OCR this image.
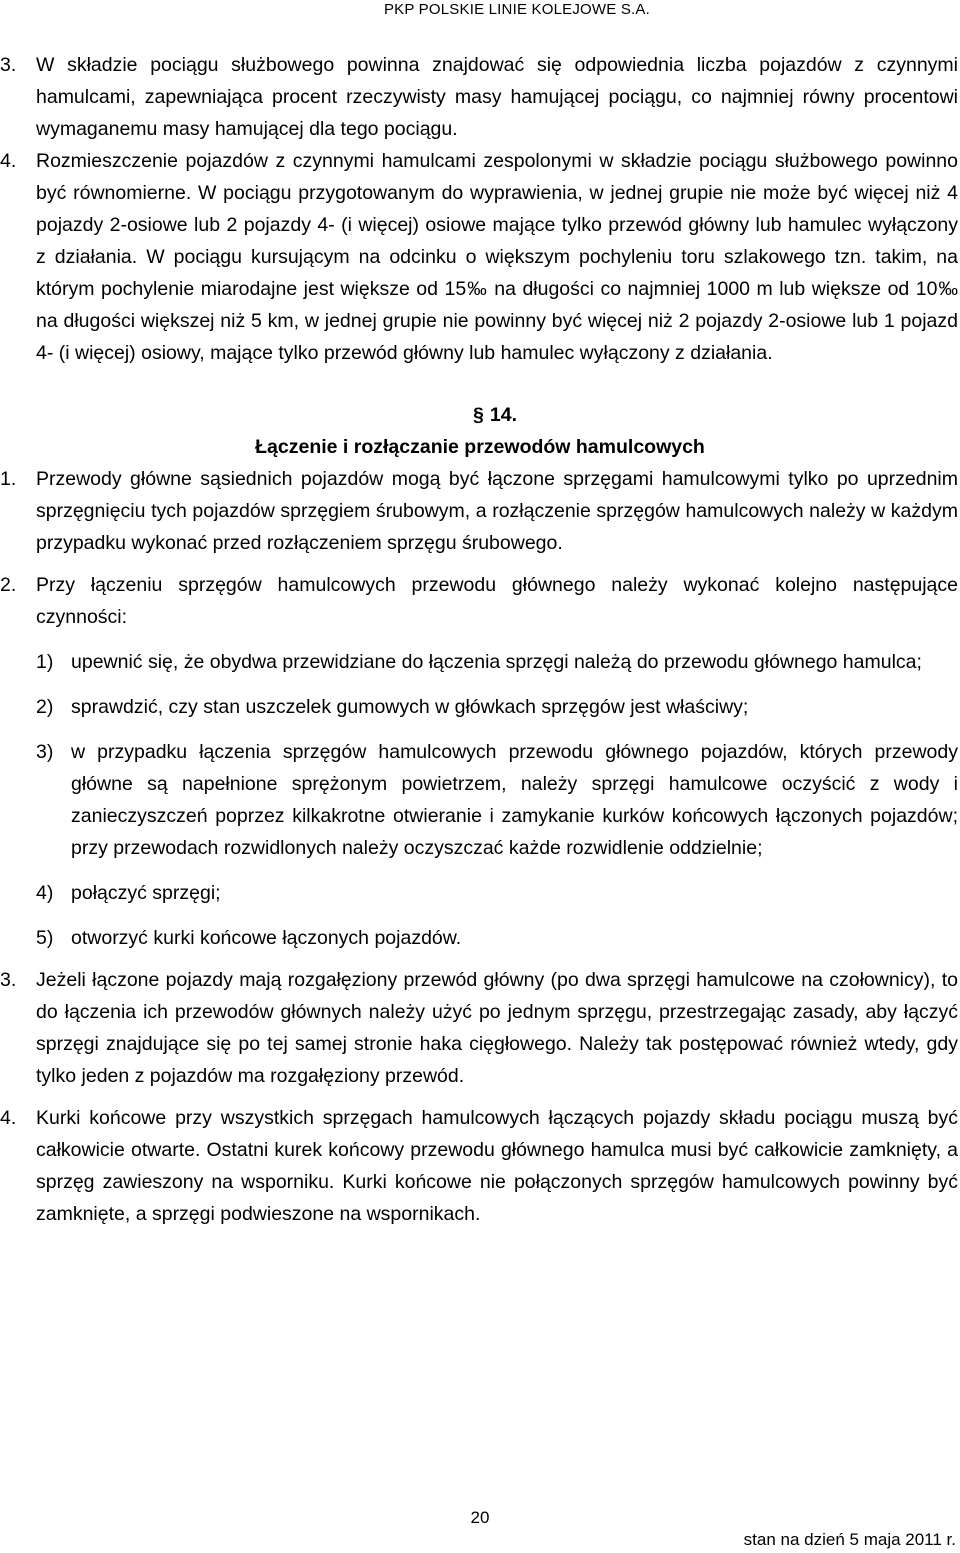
PKP POLSKIE LINIE KOLEJOWE S.A.
3. W składzie pociągu służbowego powinna znajdować się odpowiednia liczba pojazdów z czynnymi hamulcami, zapewniająca procent rzeczywisty masy hamującej pociągu, co najmniej równy procentowi wymaganemu masy hamującej dla tego pociągu.

4. Rozmieszczenie pojazdów z czynnymi hamulcami zespolonymi w składzie pociągu służbowego powinno być równomierne. W pociągu przygotowanym do wyprawienia, w jednej grupie nie może być więcej niż 4 pojazdy 2-osiowe lub 2 pojazdy 4- (i więcej) osiowe mające tylko przewód główny lub hamulec wyłączony z działania. W pociągu kursującym na odcinku o większym pochyleniu toru szlakowego tzn. takim, na którym pochylenie miarodajne jest większe od 15‰ na długości co najmniej 1000 m lub większe od 10‰ na długości większej niż 5 km, w jednej grupie nie powinny być więcej niż 2 pojazdy 2-osiowe lub 1 pojazd 4- (i więcej) osiowy, mające tylko przewód główny lub hamulec wyłączony z działania.

§ 14.
Łączenie i rozłączanie przewodów hamulcowych
1. Przewody główne sąsiednich pojazdów mogą być łączone sprzęgami hamulcowymi tylko po uprzednim sprzęgnięciu tych pojazdów sprzęgiem śrubowym, a rozłączenie sprzęgów hamulcowych należy w każdym przypadku wykonać przed rozłączeniem sprzęgu śrubowego.

2. Przy łączeniu sprzęgów hamulcowych przewodu głównego należy wykonać kolejno następujące czynności:

1) upewnić się, że obydwa przewidziane do łączenia sprzęgi należą do przewodu głównego hamulca;
2) sprawdzić, czy stan uszczelek gumowych w główkach sprzęgów jest właściwy;
3) w przypadku łączenia sprzęgów hamulcowych przewodu głównego pojazdów, których przewody główne są napełnione sprężonym powietrzem, należy sprzęgi hamulcowe oczyścić z wody i zanieczyszczeń poprzez kilkakrotne otwieranie i zamykanie kurków końcowych łączonych pojazdów; przy przewodach rozwidlonych należy oczyszczać każde rozwidlenie oddzielnie;
4) połączyć sprzęgi;
5) otworzyć kurki końcowe łączonych pojazdów.
3. Jeżeli łączone pojazdy mają rozgałęziony przewód główny (po dwa sprzęgi hamulcowe na czołownicy), to do łączenia ich przewodów głównych należy użyć po jednym sprzęgu, przestrzegając zasady, aby łączyć sprzęgi znajdujące się po tej samej stronie haka cięgłowego. Należy tak postępować również wtedy, gdy tylko jeden z pojazdów ma rozgałęziony przewód.

4. Kurki końcowe przy wszystkich sprzęgach hamulcowych łączących pojazdy składu pociągu muszą być całkowicie otwarte. Ostatni kurek końcowy przewodu głównego hamulca musi być całkowicie zamknięty, a sprzęg zawieszony na wsporniku. Kurki końcowe nie połączonych sprzęgów hamulcowych powinny być zamknięte, a sprzęgi podwieszone na wspornikach.

20
stan na dzień 5 maja 2011 r.
